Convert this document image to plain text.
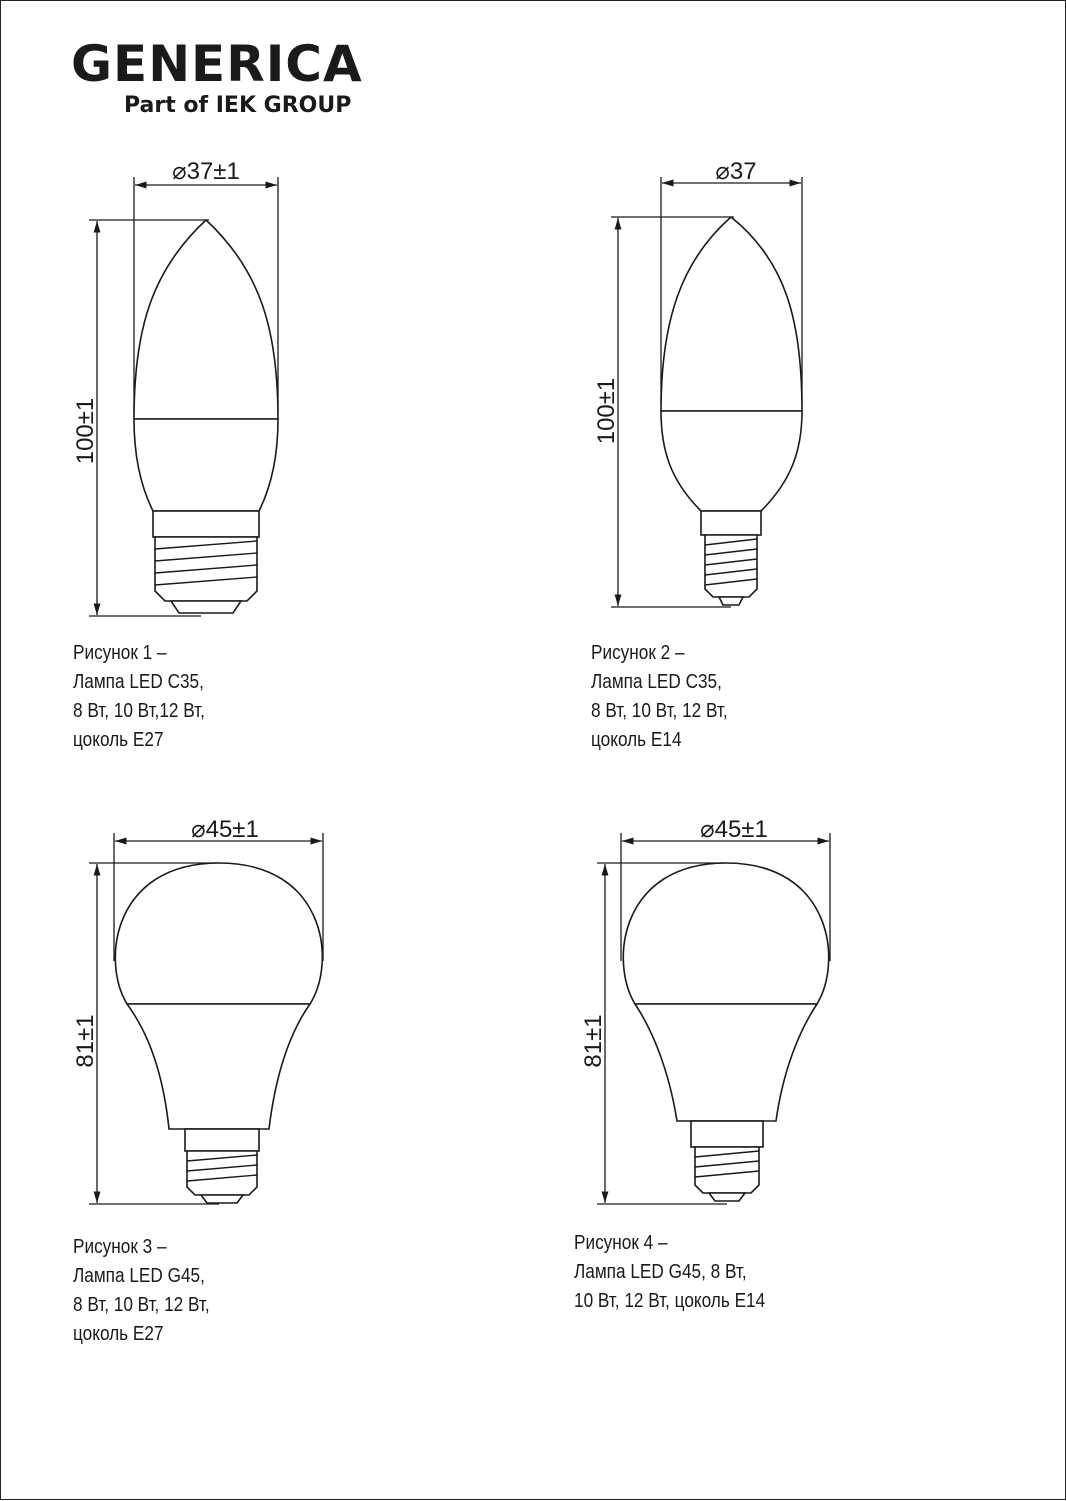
GENERICA
Part of IEK GROUP
⌀37±1
100±1
⌀37
100±1
⌀45±1
81±1
⌀45±1
81±1
Рисунок 1 –
Лампа LED C35,
8 Вт, 10 Вт,12 Вт,
цоколь E27
Рисунок 2 –
Лампа LED C35,
8 Вт, 10 Вт, 12 Вт,
цоколь E14
Рисунок 3 –
Лампа LED G45,
8 Вт, 10 Вт, 12 Вт,
цоколь E27
Рисунок 4 –
Лампа LED G45, 8 Вт,
10 Вт, 12 Вт, цоколь E14
